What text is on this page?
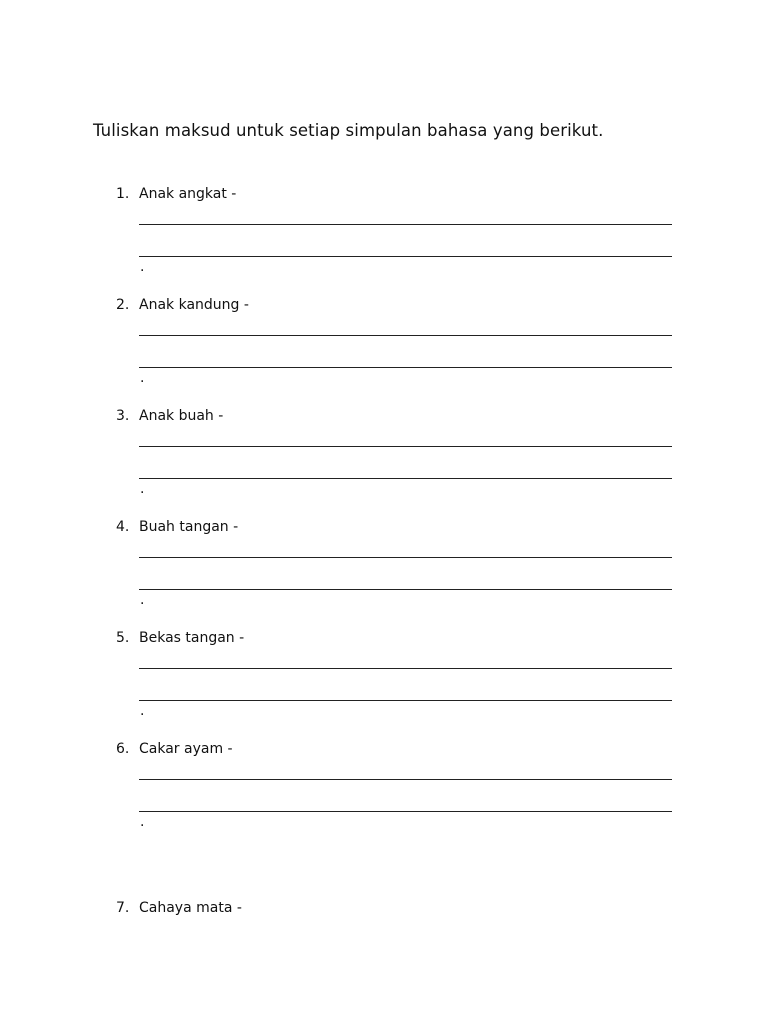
Tuliskan maksud untuk setiap simpulan bahasa yang berikut.
1. Anak angkat -
.
2. Anak kandung -
.
3. Anak buah -
.
4. Buah tangan -
.
5. Bekas tangan -
.
6. Cakar ayam -
.
7. Cahaya mata -
